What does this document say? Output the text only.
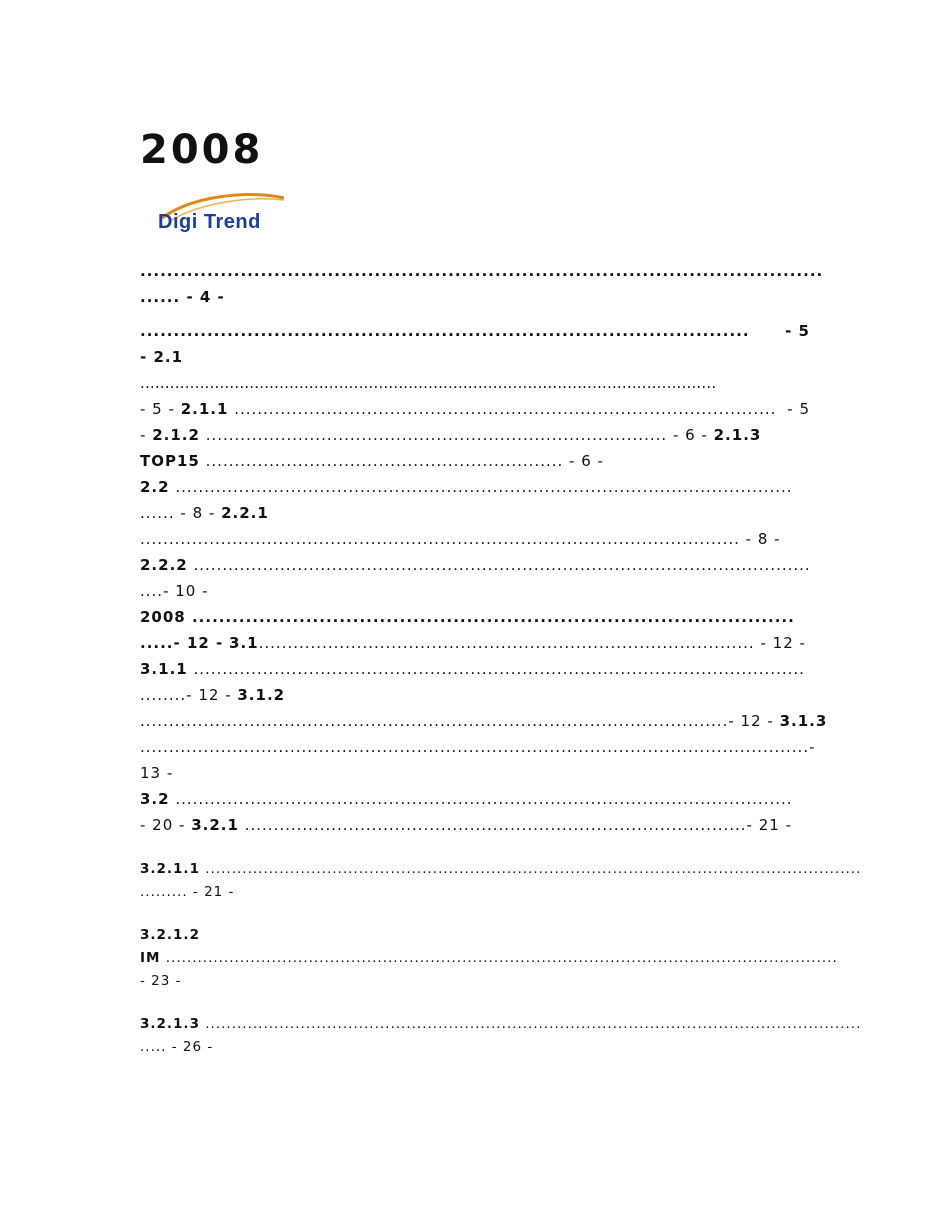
2008
Digi Trend
......................................................................................................
...... - 4 -
........................................................................................... - 5
- 2.1
....................................................................................................................
- 5 - 2.1.1 .............................................................................................. - 5
- 2.1.2 ................................................................................ - 6 - 2.1.3
TOP15 .............................................................. - 6 -
2.2 ...........................................................................................................
...... - 8 - 2.2.1
........................................................................................................ - 8 -
2.2.2 ...........................................................................................................
....- 10 -
2008 ..........................................................................................
.....- 12 - 3.1...................................................................................... - 12 -
3.1.1 ..........................................................................................................
........- 12 - 3.1.2
......................................................................................................- 12 - 3.1.3
....................................................................................................................-
13 -
3.2 ...........................................................................................................
- 20 - 3.2.1 .......................................................................................- 21 -
3.2.1.1 ............................................................................................................................
......... - 21 -
3.2.1.2
IM ...............................................................................................................................
- 23 -
3.2.1.3 ............................................................................................................................
..... - 26 -
